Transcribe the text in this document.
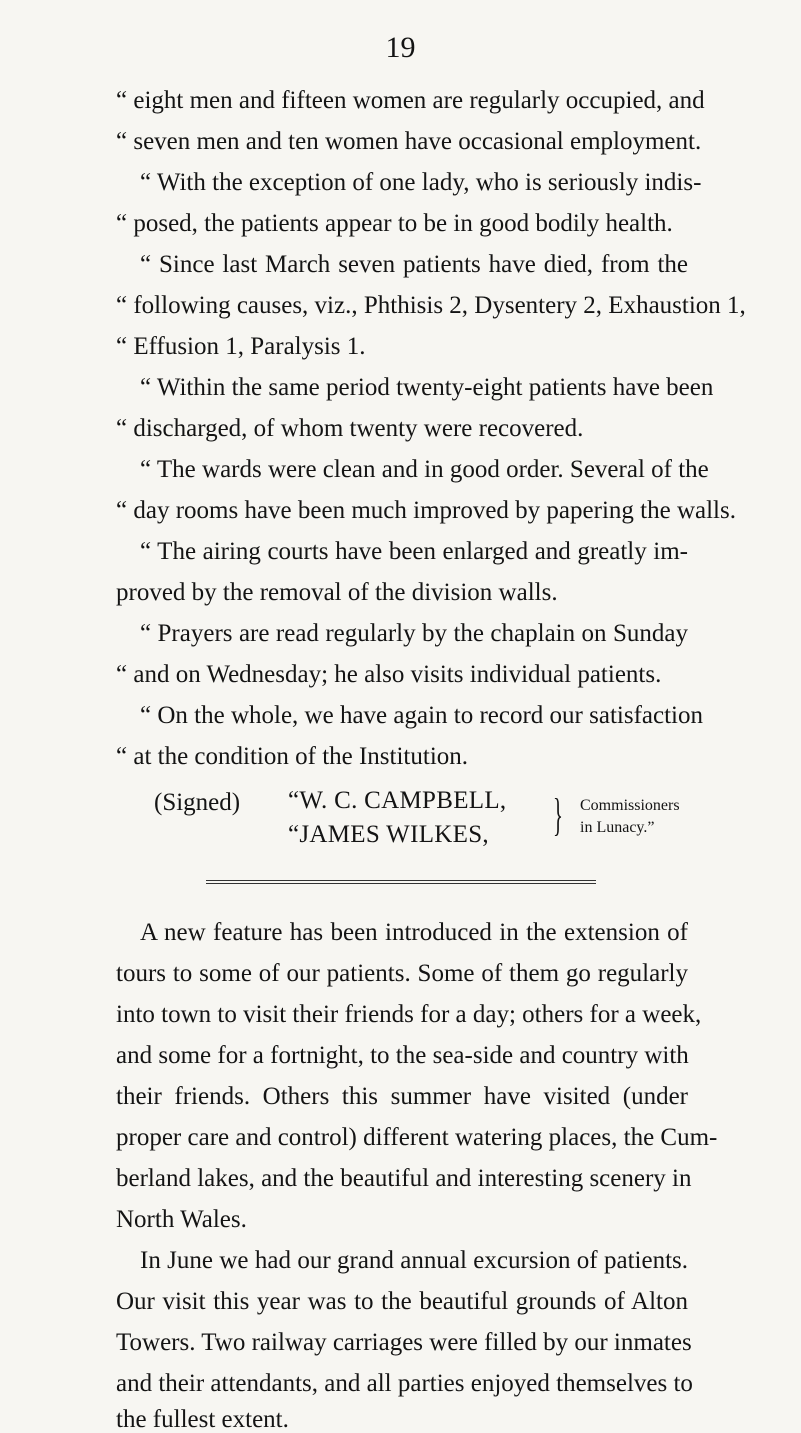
19
“ eight men and fifteen women are regularly occupied, and
“ seven men and ten women have occasional employment.
“ With the exception of one lady, who is seriously indis-
“ posed, the patients appear to be in good bodily health.
“ Since last March seven patients have died, from the
“ following causes, viz., Phthisis 2, Dysentery 2, Exhaustion 1,
“ Effusion 1, Paralysis 1.
“ Within the same period twenty-eight patients have been
“ discharged, of whom twenty were recovered.
“ The wards were clean and in good order. Several of the
“ day rooms have been much improved by papering the walls.
“ The airing courts have been enlarged and greatly im-
proved by the removal of the division walls.
“ Prayers are read regularly by the chaplain on Sunday
“ and on Wednesday; he also visits individual patients.
“ On the whole, we have again to record our satisfaction
“ at the condition of the Institution.
(Signed) “W. C. CAMPBELL,
“JAMES WILKES, } Commissioners
in Lunacy.”
A new feature has been introduced in the extension of
tours to some of our patients. Some of them go regularly
into town to visit their friends for a day; others for a week,
and some for a fortnight, to the sea-side and country with
their friends. Others this summer have visited (under
proper care and control) different watering places, the Cum-
berland lakes, and the beautiful and interesting scenery in
North Wales.
In June we had our grand annual excursion of patients.
Our visit this year was to the beautiful grounds of Alton
Towers. Two railway carriages were filled by our inmates
and their attendants, and all parties enjoyed themselves to
the fullest extent.
